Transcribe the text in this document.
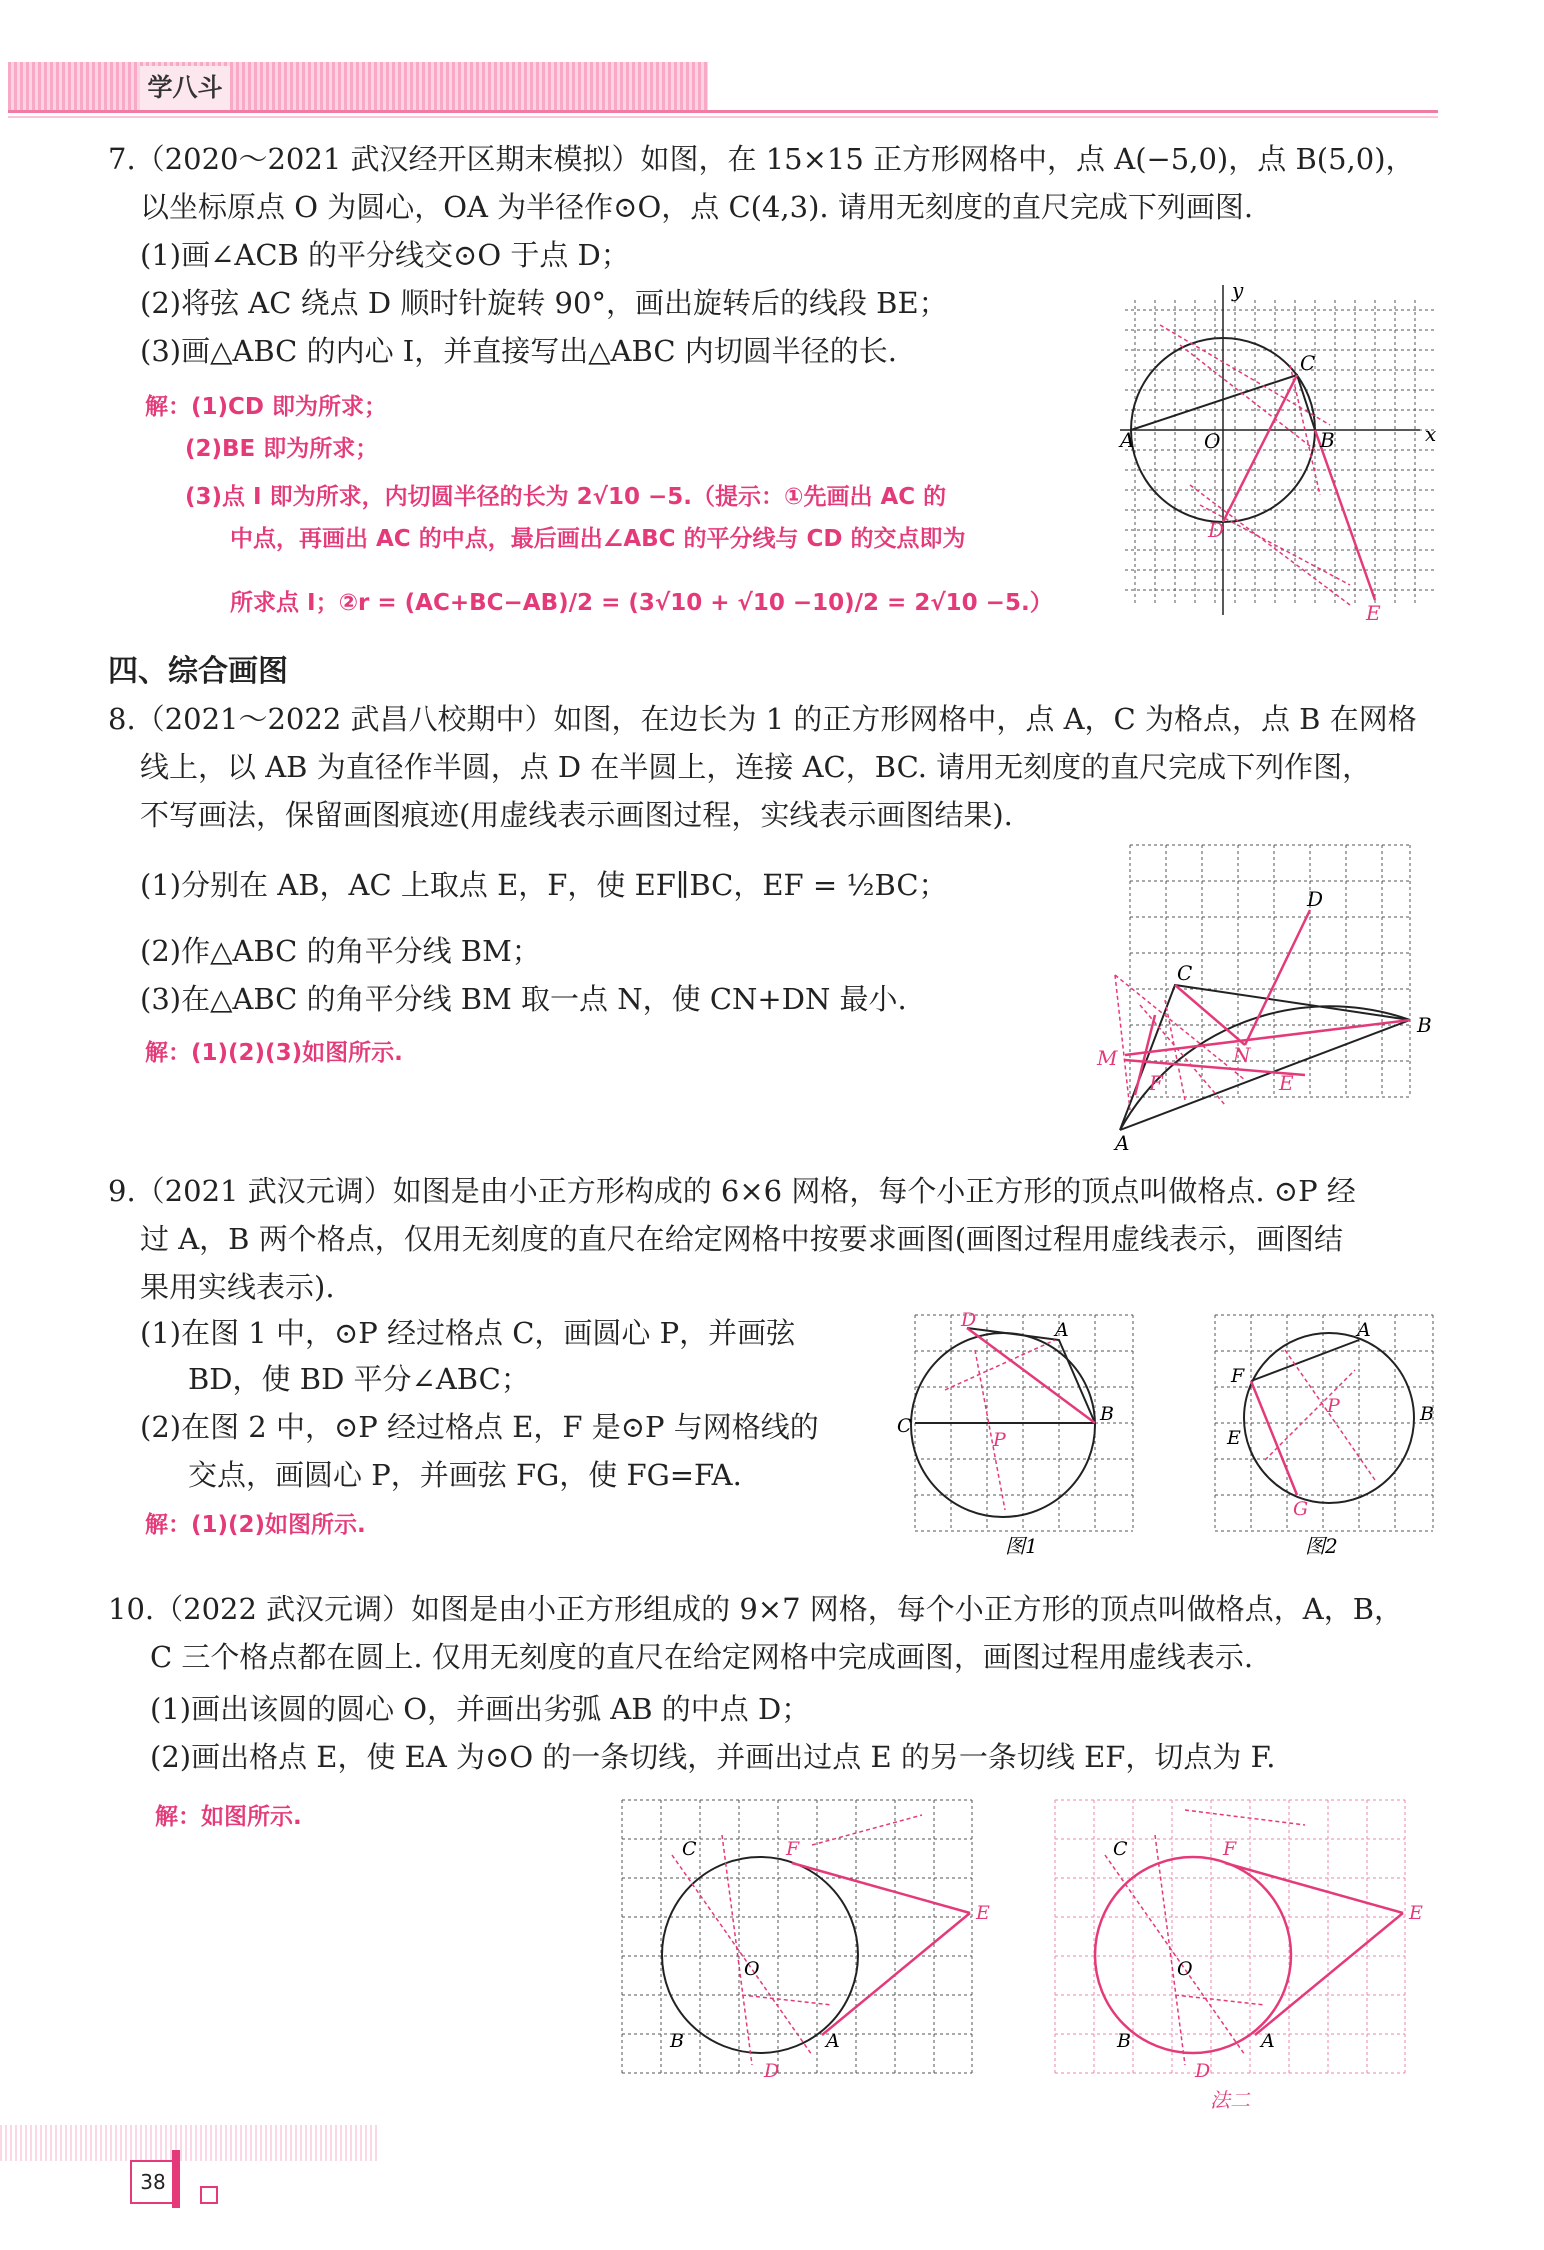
学八斗
7.（2020～2021 武汉经开区期末模拟）如图，在 15×15 正方形网格中，点 A(−5,0)，点 B(5,0)，
以坐标原点 O 为圆心，OA 为半径作⊙O，点 C(4,3). 请用无刻度的直尺完成下列画图.
(1)画∠ACB 的平分线交⊙O 于点 D；
(2)将弦 AC 绕点 D 顺时针旋转 90°，画出旋转后的线段 BE；
(3)画△ABC 的内心 I，并直接写出△ABC 内切圆半径的长.
解：(1)CD 即为所求；
(2)BE 即为所求；
(3)点 I 即为所求，内切圆半径的长为 2√10 −5.（提示：①先画出 AC 的
中点，再画出 AC 的中点，最后画出∠ABC 的平分线与 CD 的交点即为
所求点 I；②r = (AC+BC−AB)/2 = (3√10 + √10 −10)/2 = 2√10 −5.）
y
x
A	O	B
C
D
E
四、综合画图
8.（2021～2022 武昌八校期中）如图，在边长为 1 的正方形网格中，点 A，C 为格点，点 B 在网格
线上，以 AB 为直径作半圆，点 D 在半圆上，连接 AC，BC. 请用无刻度的直尺完成下列作图，
不写画法，保留画图痕迹(用虚线表示画图过程，实线表示画图结果).
(1)分别在 AB，AC 上取点 E，F，使 EF∥BC，EF = ½BC；
(2)作△ABC 的角平分线 BM；
(3)在△ABC 的角平分线 BM 取一点 N，使 CN+DN 最小.
解：(1)(2)(3)如图所示.
D
C
B
M	N
F	E
A
9.（2021 武汉元调）如图是由小正方形构成的 6×6 网格，每个小正方形的顶点叫做格点. ⊙P 经
过 A，B 两个格点，仅用无刻度的直尺在给定网格中按要求画图(画图过程用虚线表示，画图结
果用实线表示).
(1)在图 1 中，⊙P 经过格点 C，画圆心 P，并画弦
BD，使 BD 平分∠ABC；
(2)在图 2 中，⊙P 经过格点 E，F 是⊙P 与网格线的
交点，画圆心 P，并画弦 FG，使 FG=FA.
解：(1)(2)如图所示.
D	A
C
B
P
图1
A
F
P	B
E
G
图2
10.（2022 武汉元调）如图是由小正方形组成的 9×7 网格，每个小正方形的顶点叫做格点，A，B，
C 三个格点都在圆上. 仅用无刻度的直尺在给定网格中完成画图，画图过程用虚线表示.
(1)画出该圆的圆心 O，并画出劣弧 AB 的中点 D；
(2)画出格点 E，使 EA 为⊙O 的一条切线，并画出过点 E 的另一条切线 EF，切点为 F.
解：如图所示.
C	F
E
O
B	A
D
C	F
E
O
B	A
D
法二
38
